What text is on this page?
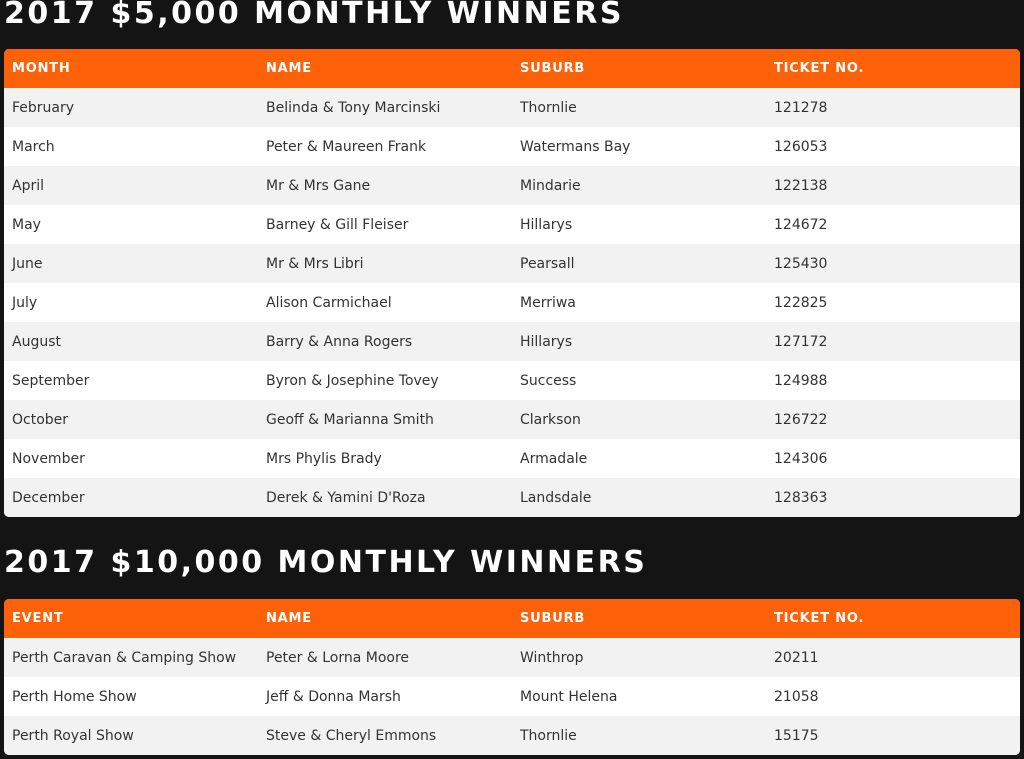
2017 $5,000 MONTHLY WINNERS
MONTH	NAME	SUBURB	TICKET NO.
February	Belinda & Tony Marcinski	Thornlie	121278
March	Peter & Maureen Frank	Watermans Bay	126053
April	Mr & Mrs Gane	Mindarie	122138
May	Barney & Gill Fleiser	Hillarys	124672
June	Mr & Mrs Libri	Pearsall	125430
July	Alison Carmichael	Merriwa	122825
August	Barry & Anna Rogers	Hillarys	127172
September	Byron & Josephine Tovey	Success	124988
October	Geoff & Marianna Smith	Clarkson	126722
November	Mrs Phylis Brady	Armadale	124306
December	Derek & Yamini D'Roza	Landsdale	128363
2017 $10,000 MONTHLY WINNERS
EVENT	NAME	SUBURB	TICKET NO.
Perth Caravan & Camping Show	Peter & Lorna Moore	Winthrop	20211
Perth Home Show	Jeff & Donna Marsh	Mount Helena	21058
Perth Royal Show	Steve & Cheryl Emmons	Thornlie	15175
